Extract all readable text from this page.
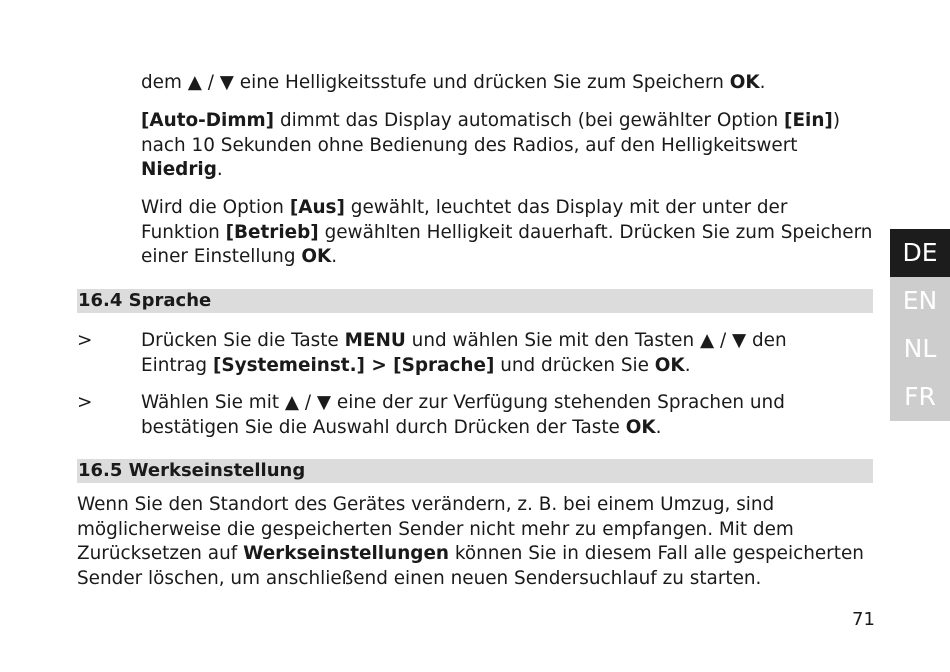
dem ▲ / ▼ eine Helligkeitsstufe und drücken Sie zum Speichern OK.

[Auto-Dimm] dimmt das Display automatisch (bei gewählter Option [Ein])
nach 10 Sekunden ohne Bedienung des Radios, auf den Helligkeitswert
Niedrig.

Wird die Option [Aus] gewählt, leuchtet das Display mit der unter der
Funktion [Betrieb] gewählten Helligkeit dauerhaft. Drücken Sie zum Speichern
einer Einstellung OK.

16.4 Sprache
>	Drücken Sie die Taste MENU und wählen Sie mit den Tasten ▲ / ▼ den
Eintrag [Systemeinst.] > [Sprache] und drücken Sie OK.

>	Wählen Sie mit ▲ / ▼ eine der zur Verfügung stehenden Sprachen und
bestätigen Sie die Auswahl durch Drücken der Taste OK.

16.5 Werkseinstellung

Wenn Sie den Standort des Gerätes verändern, z. B. bei einem Umzug, sind
möglicherweise die gespeicherten Sender nicht mehr zu empfangen. Mit dem
Zurücksetzen auf Werkseinstellungen können Sie in diesem Fall alle gespeicherten
Sender löschen, um anschließend einen neuen Sendersuchlauf zu starten.

DE
EN
NL
FR
71
